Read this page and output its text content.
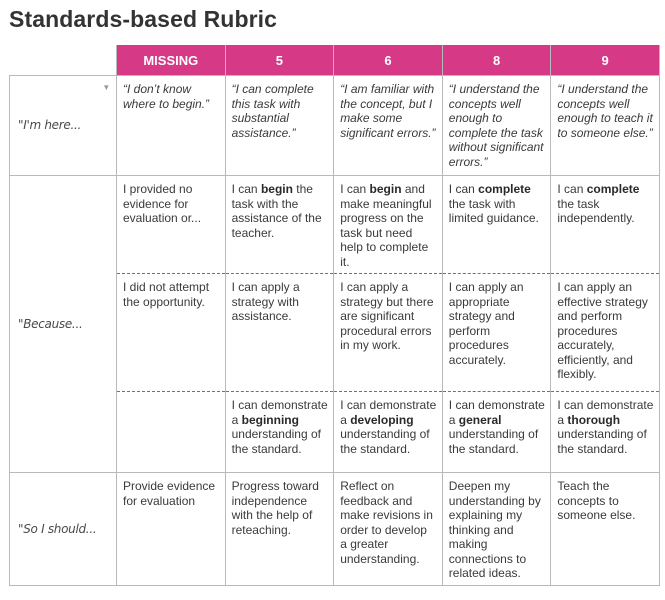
Standards-based Rubric
	MISSING	5	6	8	9

▼
"I'm here...	“I don’t know where to begin.”	“I can complete this task with substantial assistance.”	“I am familiar with the concept, but I make some significant errors.”	“I understand the concepts well enough to complete the task without significant errors.”	“I understand the concepts well enough to teach it to someone else.”
"Because...	I provided no evidence for evaluation or...	I can begin the task with the assistance of the teacher.	I can begin and make meaningful progress on the task but need help to complete it.	I can complete the task with limited guidance.	I can complete the task independently.
	I did not attempt the opportunity.	I can apply a strategy with assistance.	I can apply a strategy but there are significant procedural errors in my work.	I can apply an appropriate strategy and perform procedures accurately.	I can apply an effective strategy and perform procedures accurately, efficiently, and flexibly.
		I can demonstrate a beginning understanding of the standard.	I can demonstrate a developing understanding of the standard.	I can demonstrate a general understanding of the standard.	I can demonstrate a thorough understanding of the standard.
"So I should...	Provide evidence for evaluation	Progress toward independence with the help of reteaching.	Reflect on feedback and make revisions in order to develop a greater understanding.	Deepen my understanding by explaining my thinking and making connections to related ideas.	Teach the concepts to someone else.
